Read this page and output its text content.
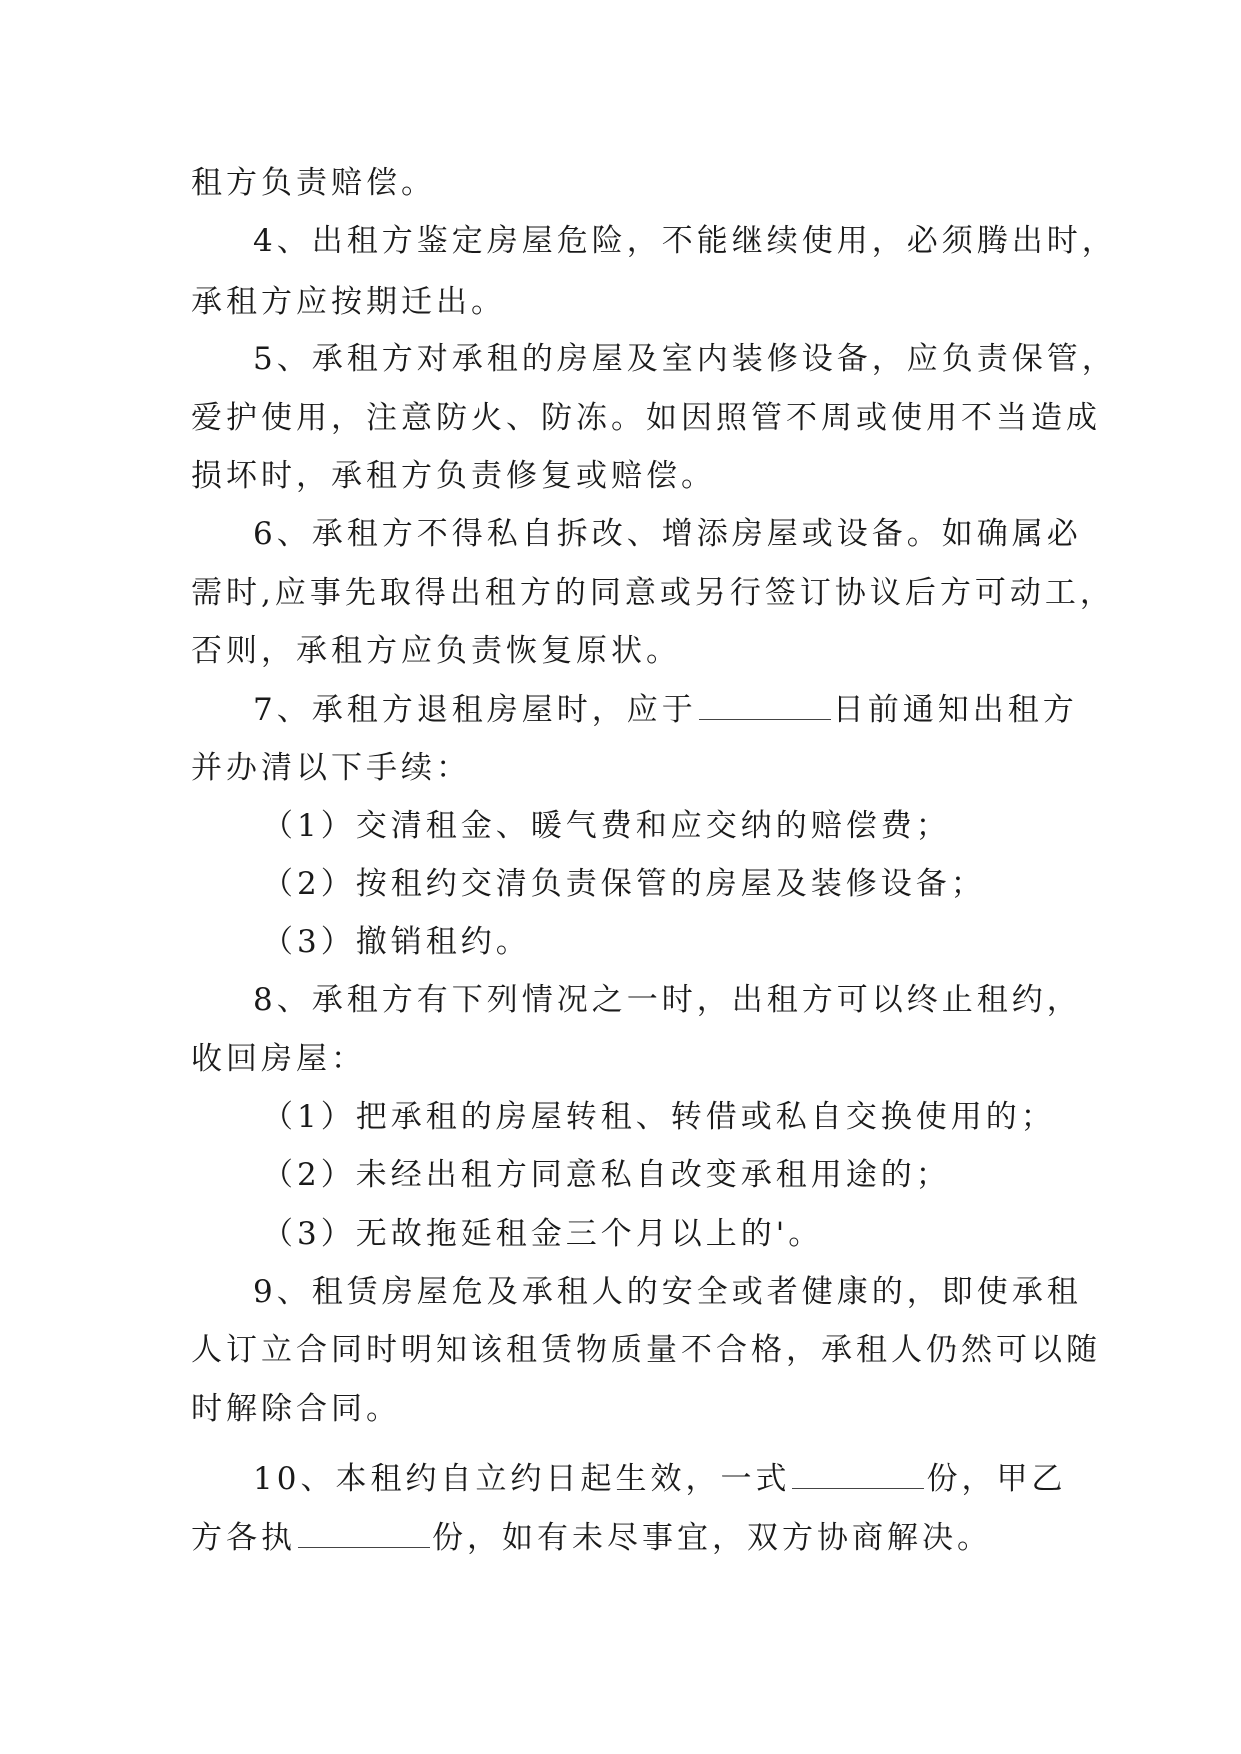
租方负责赔偿。
4、出租方鉴定房屋危险，不能继续使用，必须腾出时，
承租方应按期迁出。
5、承租方对承租的房屋及室内装修设备，应负责保管，
爱护使用，注意防火、防冻。如因照管不周或使用不当造成
损坏时，承租方负责修复或赔偿。
6、承租方不得私自拆改、增添房屋或设备。如确属必
需时,应事先取得出租方的同意或另行签订协议后方可动工，
否则，承租方应负责恢复原状。
7、承租方退租房屋时，应于	日前通知出租方
并办清以下手续：
（1）交清租金、暖气费和应交纳的赔偿费；
（2）按租约交清负责保管的房屋及装修设备；
（3）撤销租约。
8、承租方有下列情况之一时，出租方可以终止租约，
收回房屋：
（1）把承租的房屋转租、转借或私自交换使用的；
（2）未经出租方同意私自改变承租用途的；
（3）无故拖延租金三个月以上的'。
9、租赁房屋危及承租人的安全或者健康的，即使承租
人订立合同时明知该租赁物质量不合格，承租人仍然可以随
时解除合同。
10、本租约自立约日起生效，一式	份，甲乙
方各执	份，如有未尽事宜，双方协商解决。
